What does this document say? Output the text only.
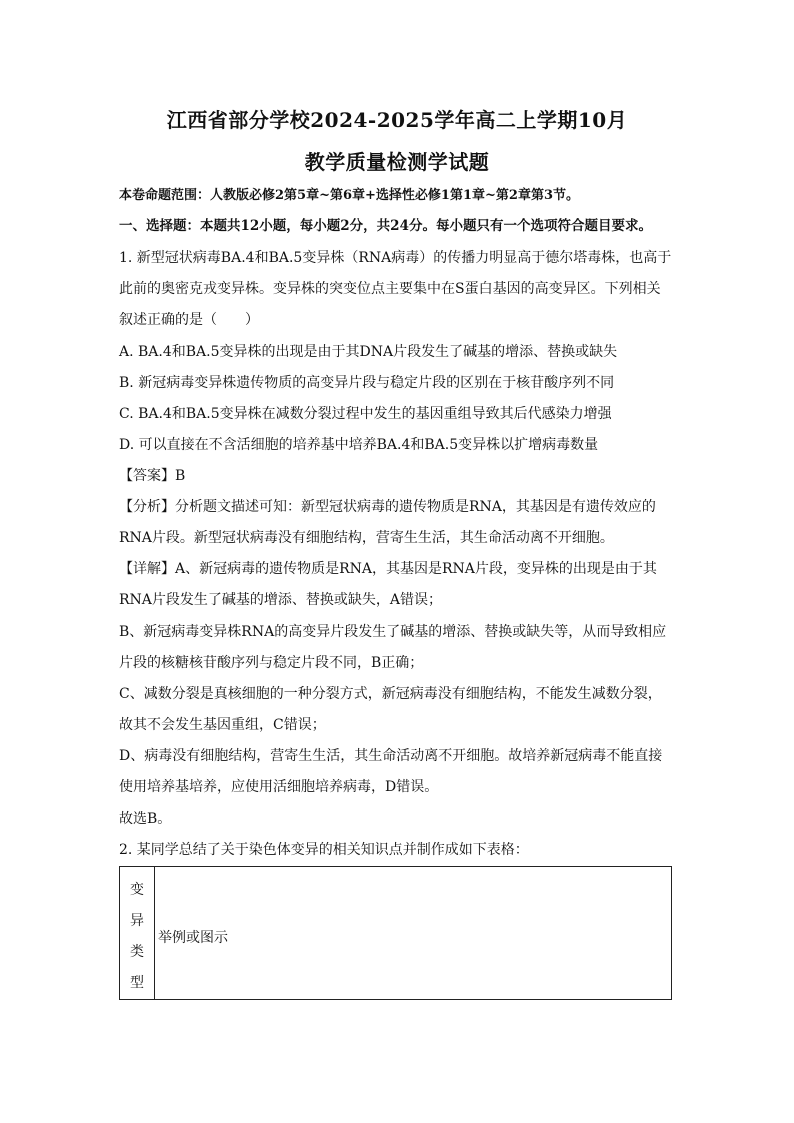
江西省部分学校2024-2025学年高二上学期10月
教学质量检测学试题
本卷命题范围：人教版必修2第5章~第6章+选择性必修1第1章~第2章第3节。
一、选择题：本题共12小题，每小题2分，共24分。每小题只有一个选项符合题目要求。
1. 新型冠状病毒BA.4和BA.5变异株（RNA病毒）的传播力明显高于德尔塔毒株，也高于
此前的奥密克戎变异株。变异株的突变位点主要集中在S蛋白基因的高变异区。下列相关
叙述正确的是（　　）
A. BA.4和BA.5变异株的出现是由于其DNA片段发生了碱基的增添、替换或缺失
B. 新冠病毒变异株遗传物质的高变异片段与稳定片段的区别在于核苷酸序列不同
C. BA.4和BA.5变异株在减数分裂过程中发生的基因重组导致其后代感染力增强
D. 可以直接在不含活细胞的培养基中培养BA.4和BA.5变异株以扩增病毒数量
【答案】B
【分析】分析题文描述可知：新型冠状病毒的遗传物质是RNA，其基因是有遗传效应的
RNA片段。新型冠状病毒没有细胞结构，营寄生生活，其生命活动离不开细胞。
【详解】A、新冠病毒的遗传物质是RNA，其基因是RNA片段，变异株的出现是由于其
RNA片段发生了碱基的增添、替换或缺失，A错误；
B、新冠病毒变异株RNA的高变异片段发生了碱基的增添、替换或缺失等，从而导致相应
片段的核糖核苷酸序列与稳定片段不同，B正确；
C、减数分裂是真核细胞的一种分裂方式，新冠病毒没有细胞结构，不能发生减数分裂，
故其不会发生基因重组，C错误；
D、病毒没有细胞结构，营寄生生活，其生命活动离不开细胞。故培养新冠病毒不能直接
使用培养基培养，应使用活细胞培养病毒，D错误。
故选B。
2. 某同学总结了关于染色体变异的相关知识点并制作成如下表格：
变
异
类
型
举例或图示
